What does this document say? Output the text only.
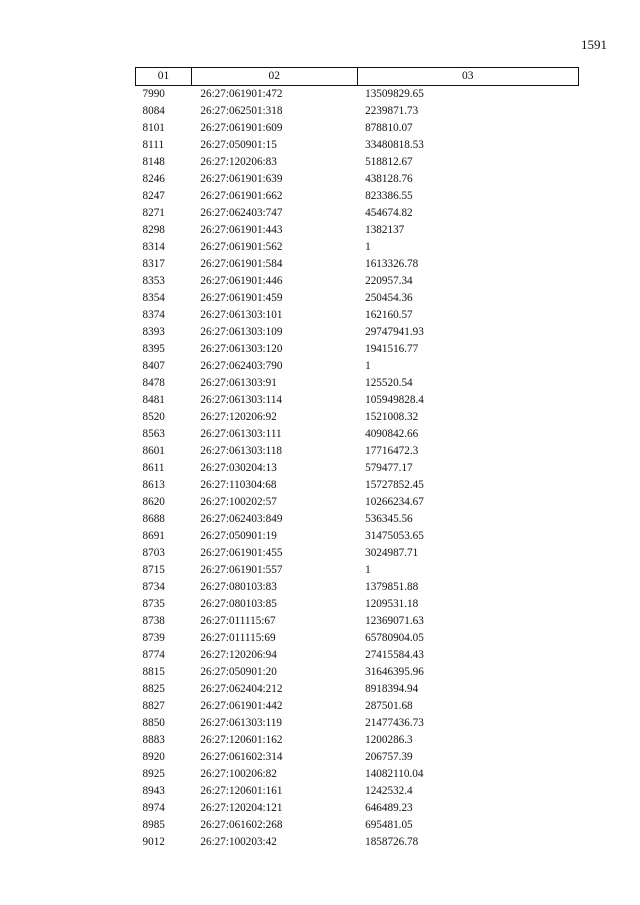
1591
01	02	03
7990	26:27:061901:472	13509829.65
8084	26:27:062501:318	2239871.73
8101	26:27:061901:609	878810.07
8111	26:27:050901:15	33480818.53
8148	26:27:120206:83	518812.67
8246	26:27:061901:639	438128.76
8247	26:27:061901:662	823386.55
8271	26:27:062403:747	454674.82
8298	26:27:061901:443	1382137
8314	26:27:061901:562	1
8317	26:27:061901:584	1613326.78
8353	26:27:061901:446	220957.34
8354	26:27:061901:459	250454.36
8374	26:27:061303:101	162160.57
8393	26:27:061303:109	29747941.93
8395	26:27:061303:120	1941516.77
8407	26:27:062403:790	1
8478	26:27:061303:91	125520.54
8481	26:27:061303:114	105949828.4
8520	26:27:120206:92	1521008.32
8563	26:27:061303:111	4090842.66
8601	26:27:061303:118	17716472.3
8611	26:27:030204:13	579477.17
8613	26:27:110304:68	15727852.45
8620	26:27:100202:57	10266234.67
8688	26:27:062403:849	536345.56
8691	26:27:050901:19	31475053.65
8703	26:27:061901:455	3024987.71
8715	26:27:061901:557	1
8734	26:27:080103:83	1379851.88
8735	26:27:080103:85	1209531.18
8738	26:27:011115:67	12369071.63
8739	26:27:011115:69	65780904.05
8774	26:27:120206:94	27415584.43
8815	26:27:050901:20	31646395.96
8825	26:27:062404:212	8918394.94
8827	26:27:061901:442	287501.68
8850	26:27:061303:119	21477436.73
8883	26:27:120601:162	1200286.3
8920	26:27:061602:314	206757.39
8925	26:27:100206:82	14082110.04
8943	26:27:120601:161	1242532.4
8974	26:27:120204:121	646489.23
8985	26:27:061602:268	695481.05
9012	26:27:100203:42	1858726.78
